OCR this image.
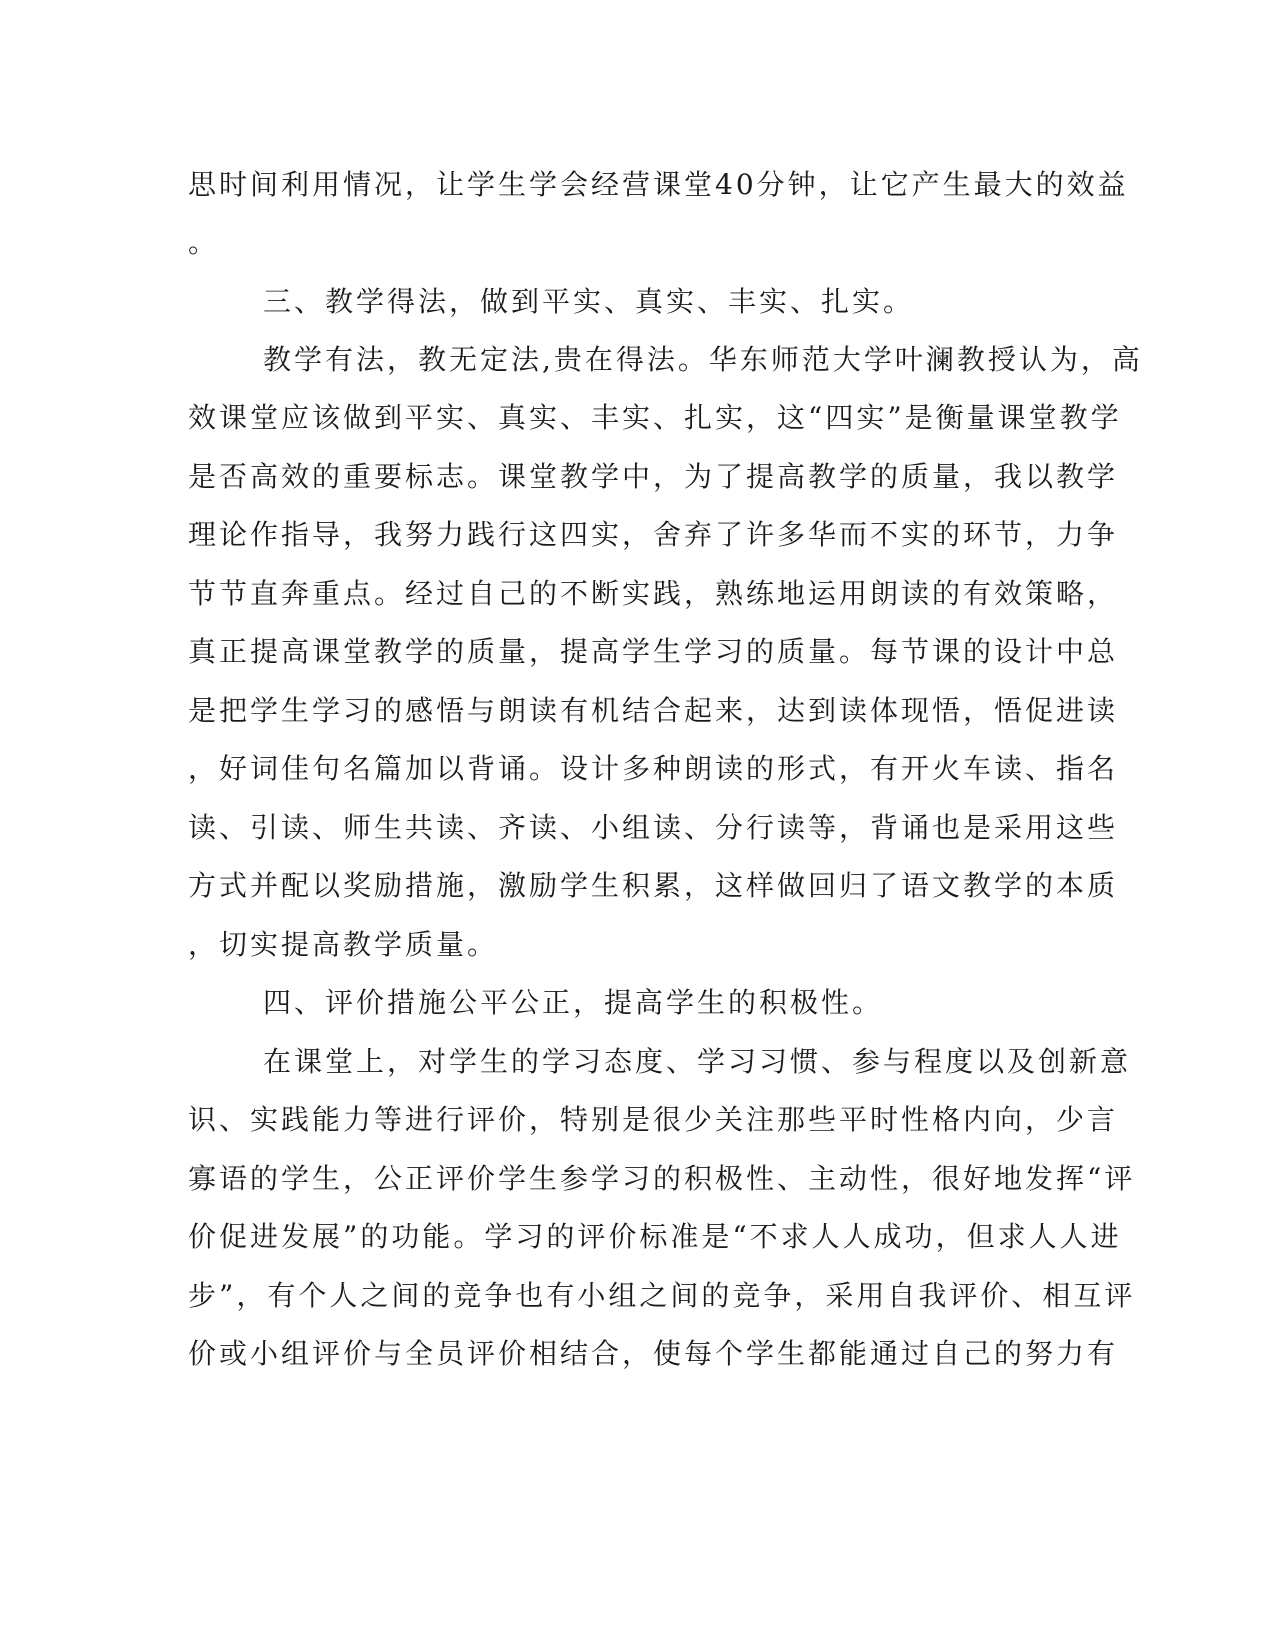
思时间利用情况，让学生学会经营课堂40分钟，让它产生最大的效益
。
三、教学得法，做到平实、真实、丰实、扎实。
教学有法，教无定法,贵在得法。华东师范大学叶澜教授认为，高
效课堂应该做到平实、真实、丰实、扎实，这“四实”是衡量课堂教学
是否高效的重要标志。课堂教学中，为了提高教学的质量，我以教学
理论作指导，我努力践行这四实，舍弃了许多华而不实的环节，力争
节节直奔重点。经过自己的不断实践，熟练地运用朗读的有效策略，
真正提高课堂教学的质量，提高学生学习的质量。每节课的设计中总
是把学生学习的感悟与朗读有机结合起来，达到读体现悟，悟促进读
，好词佳句名篇加以背诵。设计多种朗读的形式，有开火车读、指名
读、引读、师生共读、齐读、小组读、分行读等，背诵也是采用这些
方式并配以奖励措施，激励学生积累，这样做回归了语文教学的本质
，切实提高教学质量。
四、评价措施公平公正，提高学生的积极性。
在课堂上，对学生的学习态度、学习习惯、参与程度以及创新意
识、实践能力等进行评价，特别是很少关注那些平时性格内向，少言
寡语的学生，公正评价学生参学习的积极性、主动性，很好地发挥“评
价促进发展”的功能。学习的评价标准是“不求人人成功，但求人人进
步”，有个人之间的竞争也有小组之间的竞争，采用自我评价、相互评
价或小组评价与全员评价相结合，使每个学生都能通过自己的努力有
